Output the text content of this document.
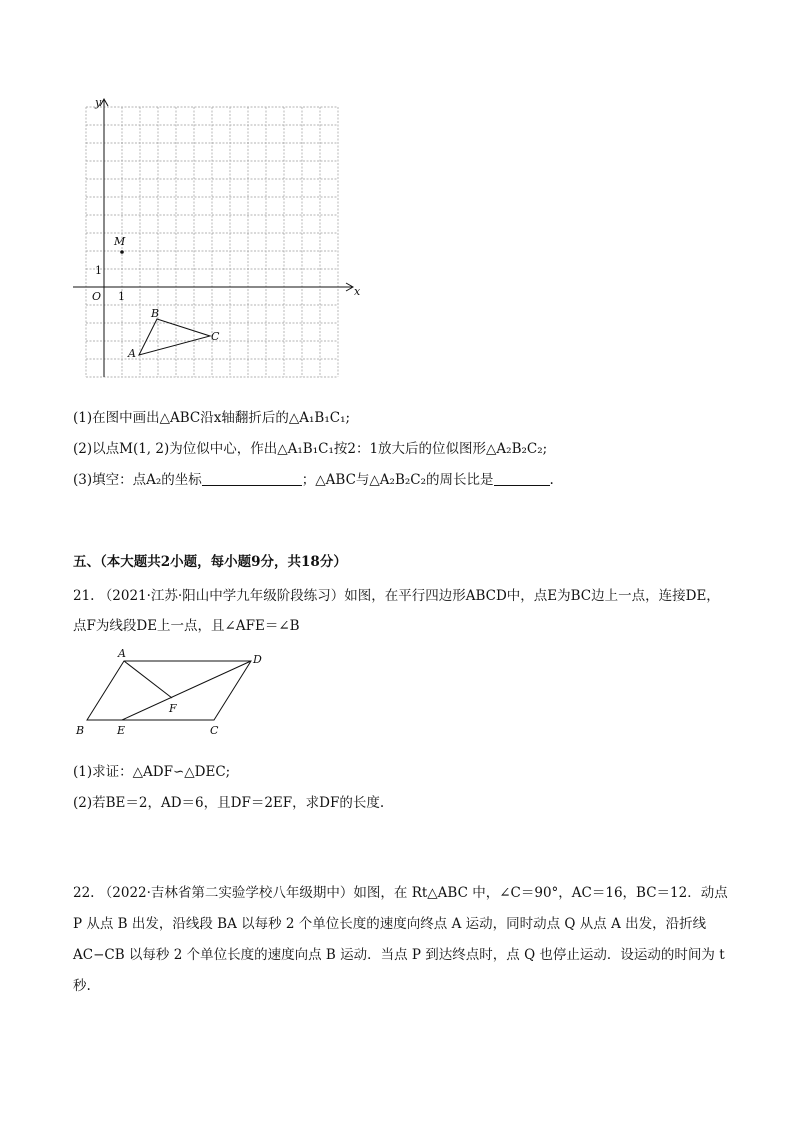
x
y
O 1
1
M
A
B
C
(1)在图中画出△ABC沿x轴翻折后的△A₁B₁C₁;
(2)以点M(1, 2)为位似中心，作出△A₁B₁C₁按2：1放大后的位似图形△A₂B₂C₂;
(3)填空：点A₂的坐标	；△ABC与△A₂B₂C₂的周长比是	.
五、（本大题共2小题，每小题9分，共18分）
21. （2021·江苏·阳山中学九年级阶段练习）如图，在平行四边形ABCD中，点E为BC边上一点，连接DE，点F为线段DE上一点，且∠AFE＝∠B
A	D
B	E	C
F
(1)求证：△ADF∽△DEC;
(2)若BE＝2，AD＝6，且DF＝2EF，求DF的长度.
22. （2022·吉林省第二实验学校八年级期中）如图，在 Rt△ABC 中，∠C＝90°，AC＝16，BC＝12．动点 P 从点 B 出发，沿线段 BA 以每秒 2 个单位长度的速度向终点 A 运动，同时动点 Q 从点 A 出发，沿折线 AC−CB 以每秒 2 个单位长度的速度向点 B 运动．当点 P 到达终点时，点 Q 也停止运动．设运动的时间为 t 秒.
